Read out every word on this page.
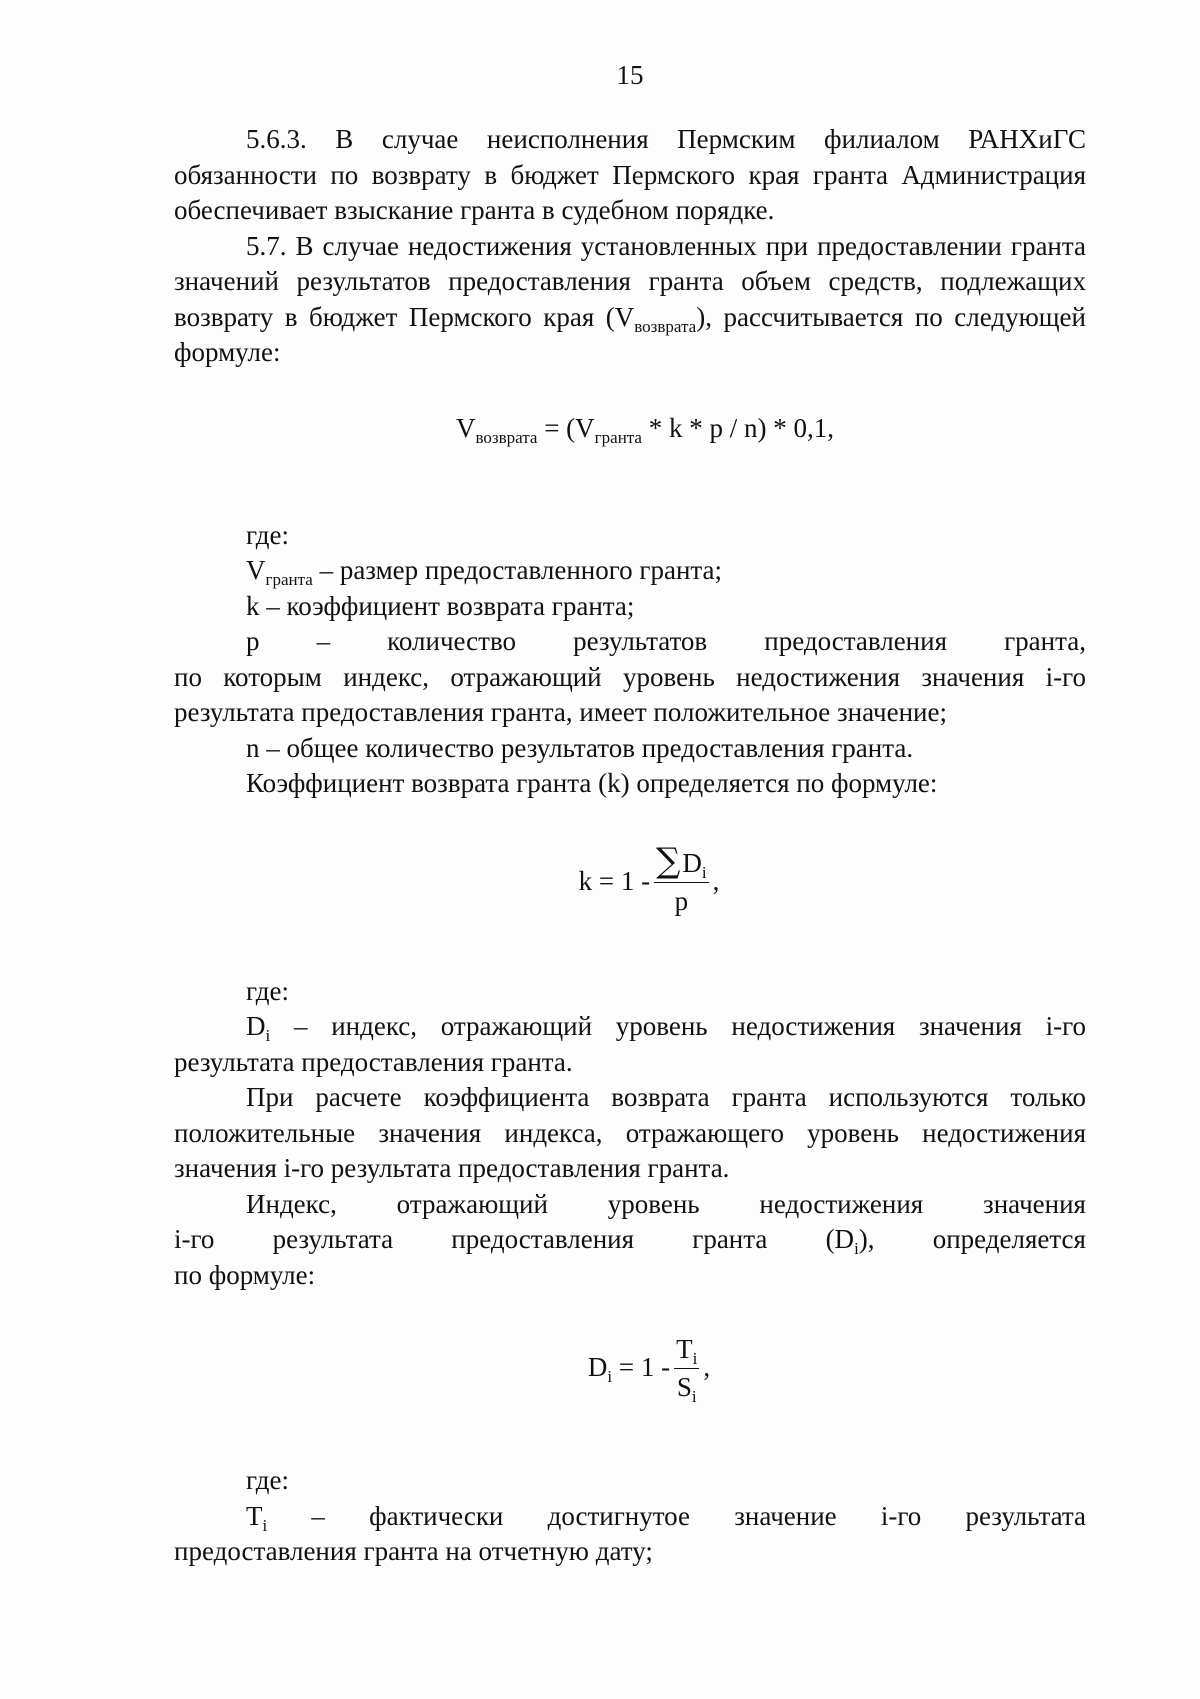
15

5.6.3. В случае неисполнения Пермским филиалом РАНХиГС обязанности по возврату в бюджет Пермского края гранта Администрация обеспечивает взыскание гранта в судебном порядке.

5.7. В случае недостижения установленных при предоставлении гранта значений результатов предоставления гранта объем средств, подлежащих возврату в бюджет Пермского края $(V_{возврата})$, рассчитывается по следующей формуле:

$V_{возврата} = (V_{гранта} * k * p / n) * 0,1$,

где:

$V_{гранта}$ – размер предоставленного гранта;

k – коэффициент возврата гранта;

p – количество результатов предоставления гранта,

по которым индекс, отражающий уровень недостижения значения i-го результата предоставления гранта, имеет положительное значение;

n – общее количество результатов предоставления гранта.

Коэффициент возврата гранта (k) определяется по формуле:

$k = 1 - \frac{\sum D_i}{p}$ ,

где:

$D_i$ – индекс, отражающий уровень недостижения значения i-го результата предоставления гранта.

При расчете коэффициента возврата гранта используются только положительные значения индекса, отражающего уровень недостижения значения i-го результата предоставления гранта.

Индекс, отражающий уровень недостижения значения
i-го результата предоставления гранта $(D_i)$, определяется

по формуле:

$D_i = 1 - \frac{T_i}{S_i}$ ,

где:

$T_i$ – фактически достигнутое значение i-го результата

предоставления гранта на отчетную дату;
